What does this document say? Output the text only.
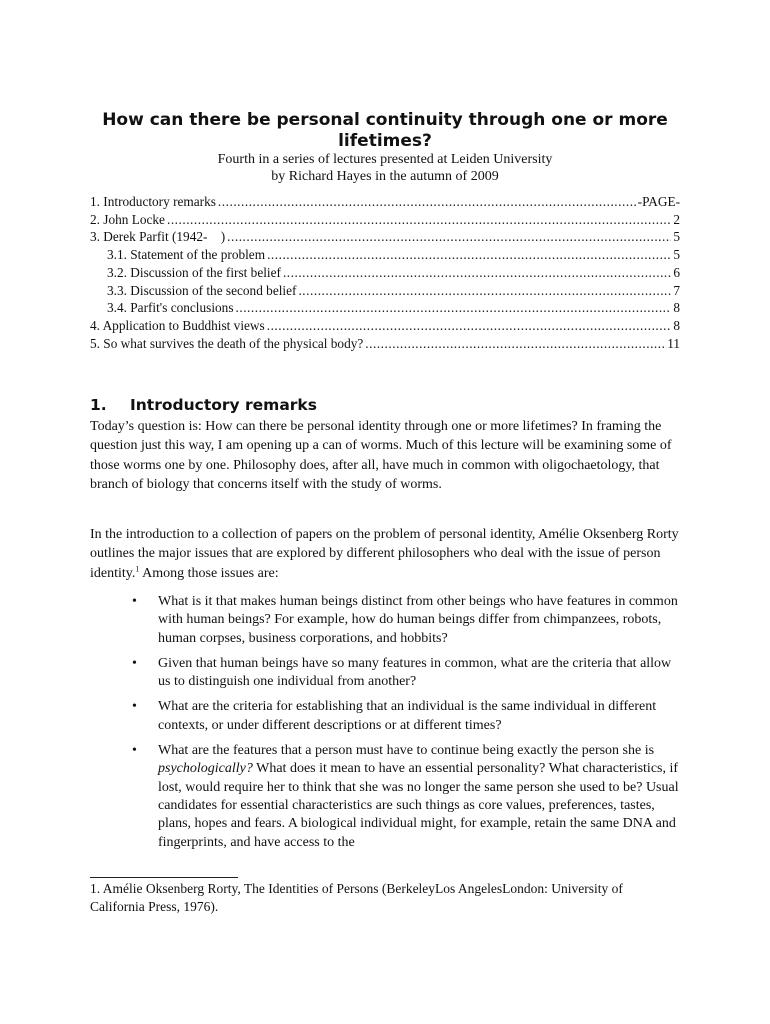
How can there be personal continuity through one or more lifetimes?
Fourth in a series of lectures presented at Leiden University
by Richard Hayes in the autumn of 2009
1. Introductory remarks . . .	-PAGE-
2. John Locke . . .	2
3. Derek Parfit (1942-    ) . . .	5
3.1. Statement of the problem . . .	5
3.2. Discussion of the first belief . . .	6
3.3. Discussion of the second belief . . .	7
3.4. Parfit's conclusions . . .	8
4. Application to Buddhist views . . .	8
5. So what survives the death of the physical body? . . .	11
1. Introductory remarks

Today’s question is: How can there be personal identity through one or more lifetimes? In framing the question just this way, I am opening up a can of worms. Much of this lecture will be examining some of those worms one by one. Philosophy does, after all, have much in common with oligochaetology, that branch of biology that concerns itself with the study of worms.

In the introduction to a collection of papers on the problem of personal identity, Amélie Oksenberg Rorty outlines the major issues that are explored by different philosophers who deal with the issue of person identity.$^1$ Among those issues are:

• What is it that makes human beings distinct from other beings who have features in common with human beings? For example, how do human beings differ from chimpanzees, robots, human corpses, business corporations, and hobbits?
• Given that human beings have so many features in common, what are the criteria that allow us to distinguish one individual from another?
• What are the criteria for establishing that an individual is the same individual in different contexts, or under different descriptions or at different times?
• What are the features that a person must have to continue being exactly the person she is psychologically? What does it mean to have an essential personality? What characteristics, if lost, would require her to think that she was no longer the same person she used to be? Usual candidates for essential characteristics are such things as core values, preferences, tastes, plans, hopes and fears. A biological individual might, for example, retain the same DNA and fingerprints, and have access to the

1. Amélie Oksenberg Rorty, The Identities of Persons (BerkeleyLos AngelesLondon: University of California Press, 1976).
